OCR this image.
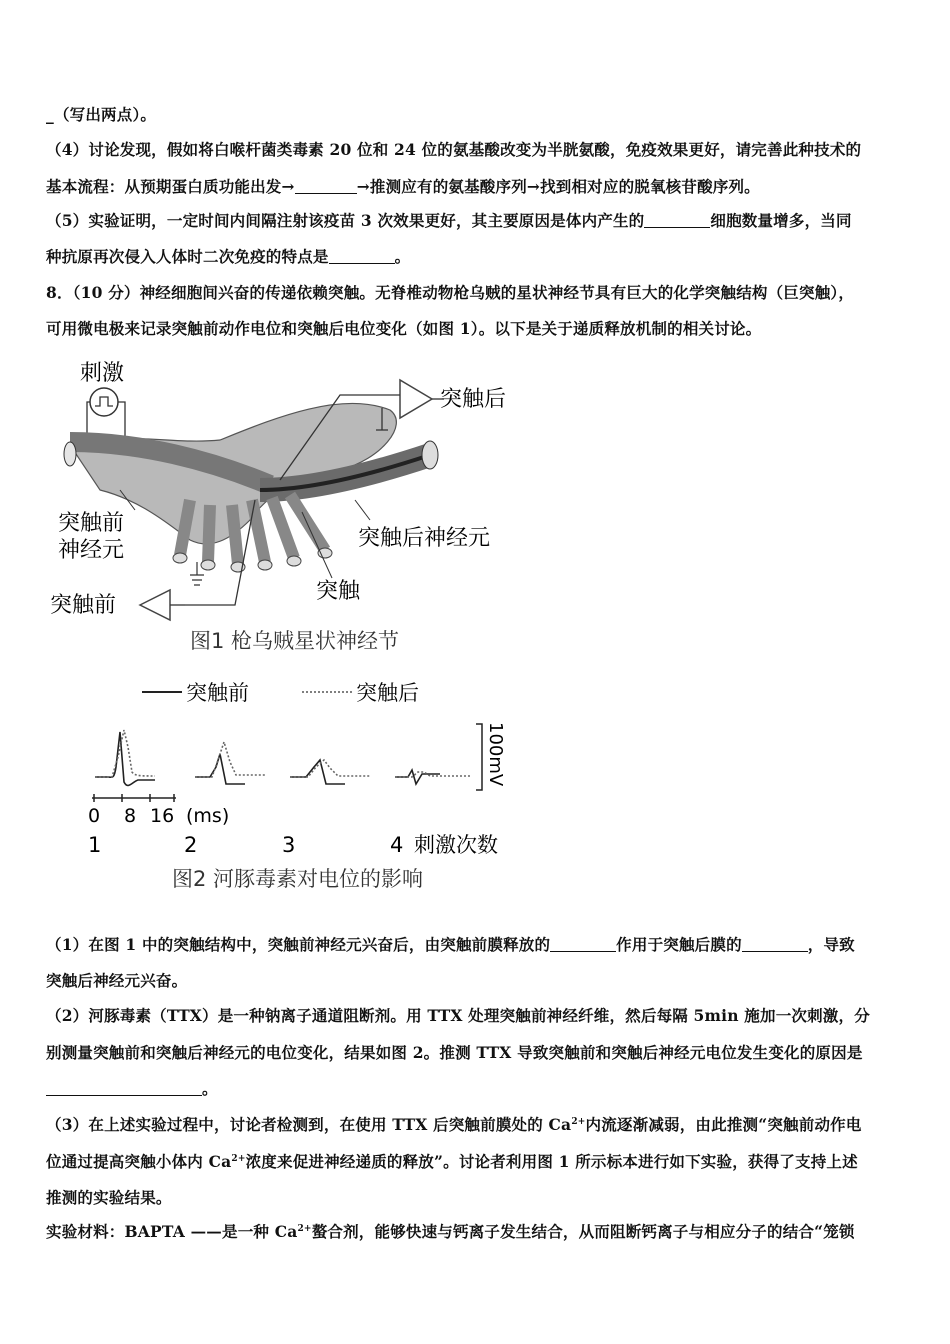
_（写出两点）。
（4）讨论发现，假如将白喉杆菌类毒素 20 位和 24 位的氨基酸改变为半胱氨酸，免疫效果更好，请完善此种技术的
基本流程：从预期蛋白质功能出发→	→推测应有的氨基酸序列→找到相对应的脱氧核苷酸序列。
（5）实验证明，一定时间内间隔注射该疫苗 3 次效果更好，其主要原因是体内产生的	细胞数量增多，当同
种抗原再次侵入人体时二次免疫的特点是	。
8．（10 分）神经细胞间兴奋的传递依赖突触。无脊椎动物枪乌贼的星状神经节具有巨大的化学突触结构（巨突触），
可用微电极来记录突触前动作电位和突触后电位变化（如图 1）。以下是关于递质释放机制的相关讨论。
刺激
突触后
突触前
突触前
神经元	突触后神经元
突触
图1 枪乌贼星状神经节
突触前	突触后
100mV
0 8 16 (ms)
1	2	3	4 刺激次数
图2 河豚毒素对电位的影响
（1）在图 1 中的突触结构中，突触前神经元兴奋后，由突触前膜释放的	作用于突触后膜的	，导致
突触后神经元兴奋。
（2）河豚毒素（TTX）是一种钠离子通道阻断剂。用 TTX 处理突触前神经纤维，然后每隔 5min 施加一次刺激，分
别测量突触前和突触后神经元的电位变化，结果如图 2。推测 TTX 导致突触前和突触后神经元电位发生变化的原因是
。
（3）在上述实验过程中，讨论者检测到，在使用 TTX 后突触前膜处的 $Ca^{2+}$内流逐渐减弱，由此推测“突触前动作电
位通过提高突触小体内 $Ca^{2+}$浓度来促进神经递质的释放”。讨论者利用图 1 所示标本进行如下实验，获得了支持上述
推测的实验结果。
实验材料：BAPTA ——是一种 $Ca^{2+}$螯合剂，能够快速与钙离子发生结合，从而阻断钙离子与相应分子的结合“笼锁
